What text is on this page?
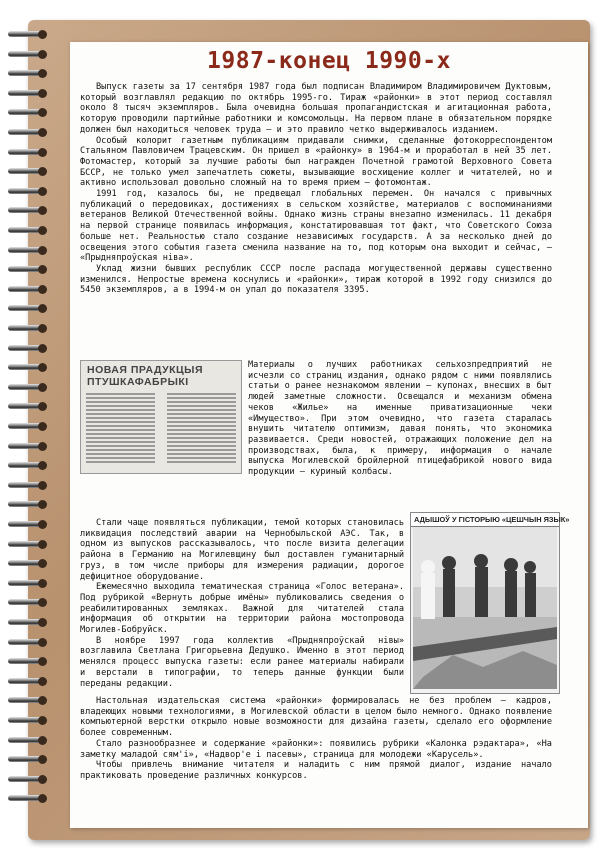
1987-конец 1990-х

Выпуск газеты за 17 сентября 1987 года был подписан Владимиром Владимировичем Дуктовым, который возглавлял редакцию по октябрь 1995-го. Тираж «районки» в этот период составлял около 8 тысяч экземпляров. Была очевидна большая пропагандистская и агитационная работа, которую проводили партийные работники и комсомольцы. На первом плане в обязательном порядке должен был находиться человек труда – и это правило четко выдерживалось изданием.

Особый колорит газетным публикациям придавали снимки, сделанные фотокорреспондентом Стальяном Павловичем Трацевским. Он пришел в «районку» в 1964-м и проработал в ней 35 лет. Фотомастер, который за лучшие работы был награжден Почетной грамотой Верховного Совета БССР, не только умел запечатлеть сюжеты, вызывающие восхищение коллег и читателей, но и активно использовал довольно сложный на то время прием – фотомонтаж.

1991 год, казалось бы, не предвещал глобальных перемен. Он начался с привычных публикаций о передовиках, достижениях в сельском хозяйстве, материалов с воспоминаниями ветеранов Великой Отечественной войны. Однако жизнь страны внезапно изменилась. 11 декабря на первой странице появилась информация, констатировавшая тот факт, что Советского Союза больше нет. Реальностью стало создание независимых государств. А за несколько дней до освещения этого события газета сменила название на то, под которым она выходит и сейчас, – «Прыдняпроўская ніва».

Уклад жизни бывших республик СССР после распада могущественной державы существенно изменился. Непростые времена коснулись и «районки», тираж которой в 1992 году снизился до 5450 экземпляров, а в 1994-м он упал до показателя 3395.

НОВАЯ ПРАДУКЦЫЯ ПТУШКАФАБРЫКІ

Материалы о лучших работниках сельхозпредприятий не исчезли со страниц издания, однако рядом с ними появлялись статьи о ранее незнакомом явлении – купонах, внесших в быт людей заметные сложности. Освещался и механизм обмена чеков «Жилье» на именные приватизационные чеки «Имущество». При этом очевидно, что газета старалась внушить читателю оптимизм, давая понять, что экономика развивается. Среди новостей, отражающих положение дел на производствах, была, к примеру, информация о начале выпуска Могилевской бройлерной птицефабрикой нового вида продукции – куриный колбасы.

Стали чаще появляться публикации, темой которых становилась ликвидация последствий аварии на Чернобыльской АЭС. Так, в одном из выпусков рассказывалось, что после визита делегации района в Германию на Могилевщину был доставлен гуманитарный груз, в том числе приборы для измерения радиации, дорогое дефицитное оборудование.

Ежемесячно выходила тематическая страница «Голос ветерана». Под рубрикой «Вернуть добрые имёны» публиковались сведения о реабилитированных земляках. Важной для читателей стала информация об открытии на территории района мостопровода Могилев-Бобруйск.

В ноябре 1997 года коллектив «Прыдняпроўскай нівы» возглавила Светлана Григорьевна Дедушко. Именно в этот период менялся процесс выпуска газеты: если ранее материалы набирали и верстали в типографии, то теперь данные функции были переданы редакции.

АДЫШОЎ У ГІСТОРЫЮ «ЦЕШЧЫН ЯЗЫК»

Настольная издательская система «районки» формировалась не без проблем – кадров, владеющих новыми технологиями, в Могилевской области в целом было немного. Однако появление компьютерной верстки открыло новые возможности для дизайна газеты, сделало его оформление более современным.

Стало разнообразнее и содержание «районки»: появились рубрики «Калонка рэдактара», «На заметку маладой сям'і», «Надвор'е і пасевы», страница для молодежи «Карусель».

Чтобы привлечь внимание читателя и наладить с ним прямой диалог, издание начало практиковать проведение различных конкурсов.
